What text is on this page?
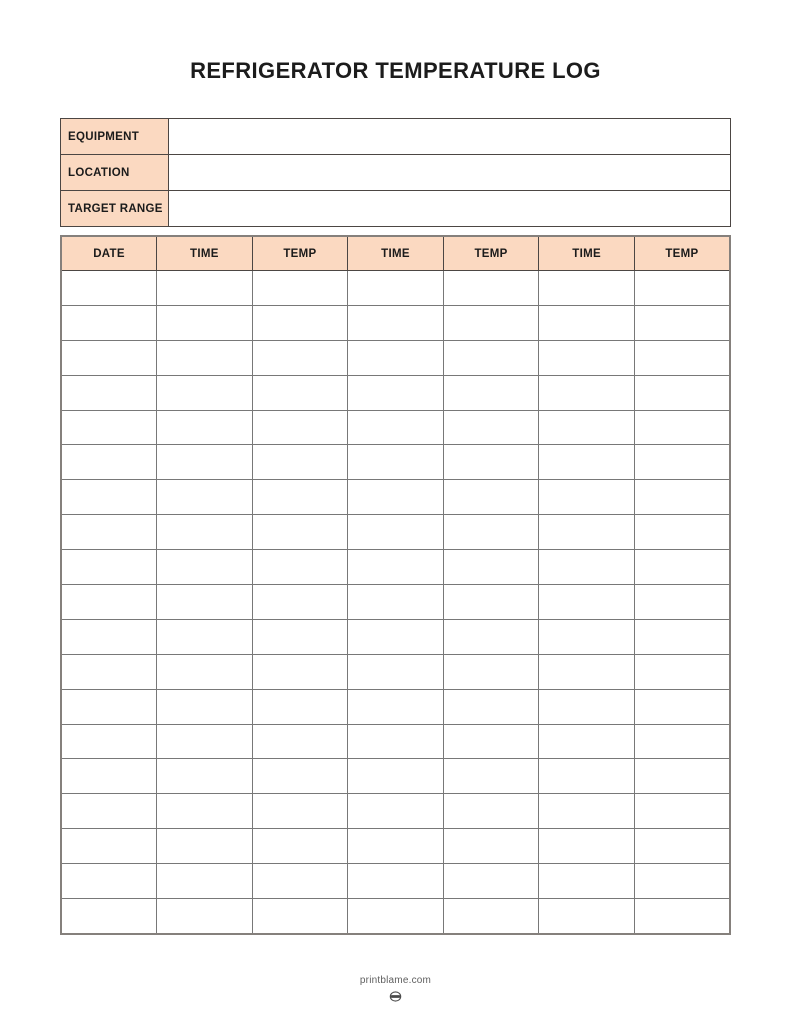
REFRIGERATOR TEMPERATURE LOG
EQUIPMENT	
LOCATION	
TARGET RANGE	
DATE	TIME	TEMP	TIME	TEMP	TIME	TEMP

printblame.com
